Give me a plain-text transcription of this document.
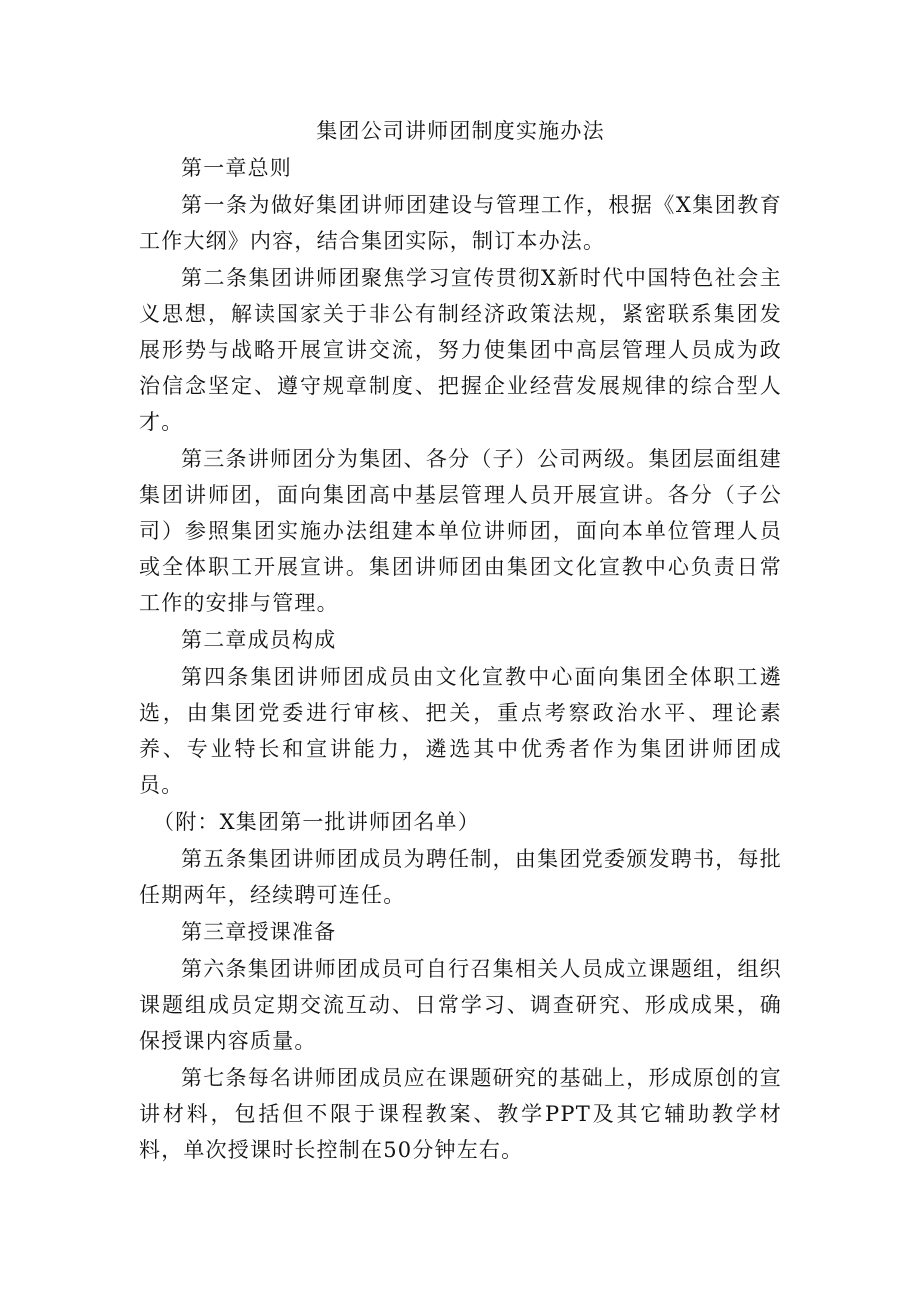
集团公司讲师团制度实施办法

第一章总则

第一条为做好集团讲师团建设与管理工作，根据《X集团教育工作大纲》内容，结合集团实际，制订本办法。

第二条集团讲师团聚焦学习宣传贯彻X新时代中国特色社会主义思想，解读国家关于非公有制经济政策法规，紧密联系集团发展形势与战略开展宣讲交流，努力使集团中高层管理人员成为政治信念坚定、遵守规章制度、把握企业经营发展规律的综合型人才。

第三条讲师团分为集团、各分（子）公司两级。集团层面组建集团讲师团，面向集团高中基层管理人员开展宣讲。各分（子公司）参照集团实施办法组建本单位讲师团，面向本单位管理人员或全体职工开展宣讲。集团讲师团由集团文化宣教中心负责日常工作的安排与管理。

第二章成员构成

第四条集团讲师团成员由文化宣教中心面向集团全体职工遴选，由集团党委进行审核、把关，重点考察政治水平、理论素养、专业特长和宣讲能力，遴选其中优秀者作为集团讲师团成员。

（附：X集团第一批讲师团名单）

第五条集团讲师团成员为聘任制，由集团党委颁发聘书，每批任期两年，经续聘可连任。

第三章授课准备

第六条集团讲师团成员可自行召集相关人员成立课题组，组织课题组成员定期交流互动、日常学习、调查研究、形成成果，确保授课内容质量。

第七条每名讲师团成员应在课题研究的基础上，形成原创的宣讲材料，包括但不限于课程教案、教学PPT及其它辅助教学材料，单次授课时长控制在50分钟左右。
